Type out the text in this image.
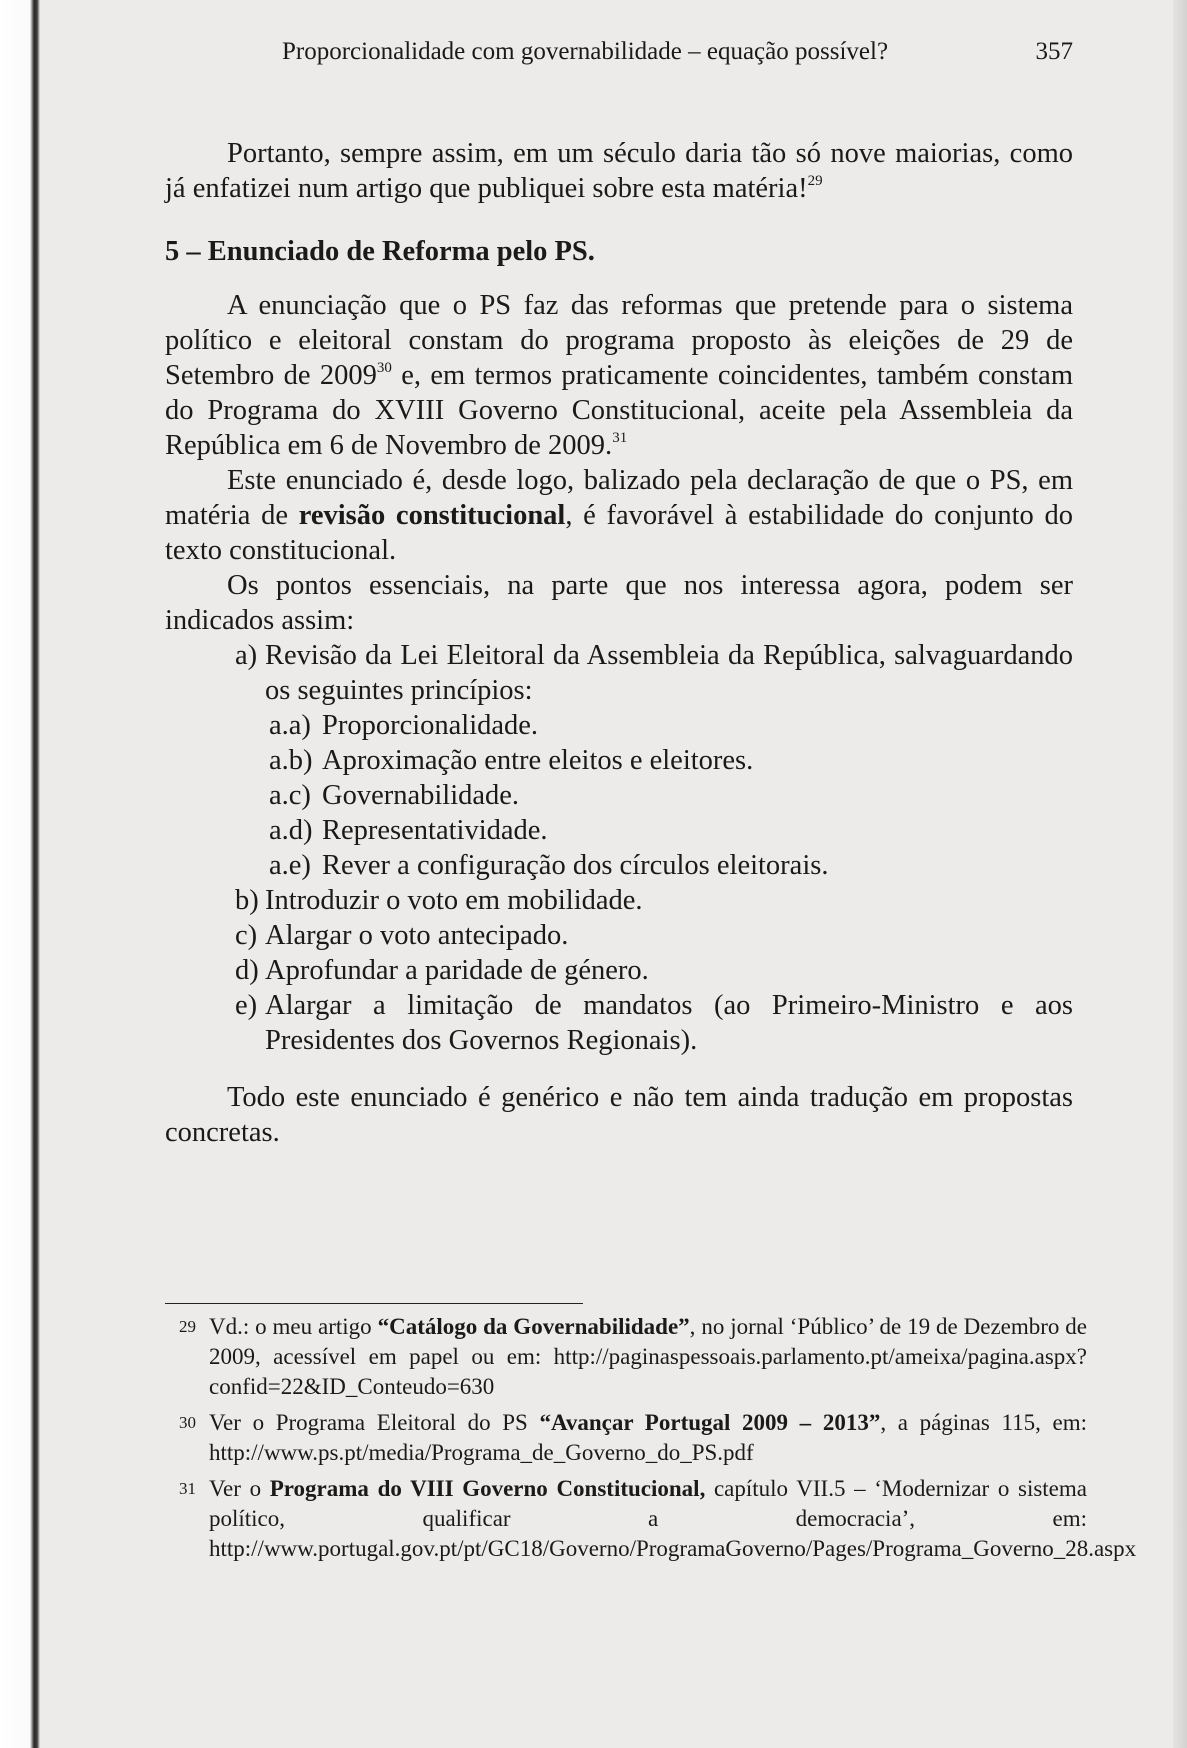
Proporcionalidade com governabilidade – equação possível?	357

Portanto, sempre assim, em um século daria tão só nove maiorias, como já enfatizei num artigo que publiquei sobre esta matéria!$^{29}$

5 – Enunciado de Reforma pelo PS.

A enunciação que o PS faz das reformas que pretende para o sistema político e eleitoral constam do programa proposto às eleições de 29 de Setembro de 2009$^{30}$ e, em termos praticamente coincidentes, também constam do Programa do XVIII Governo Constitucional, aceite pela Assembleia da República em 6 de Novembro de 2009.31

Este enunciado é, desde logo, balizado pela declaração de que o PS, em matéria de revisão constitucional, é favorável à estabilidade do conjunto do texto constitucional.

Os pontos essenciais, na parte que nos interessa agora, podem ser indicados assim:

a) Revisão da Lei Eleitoral da Assembleia da República, salvaguardando os seguintes princípios:

a.a) Proporcionalidade.

a.b) Aproximação entre eleitos e eleitores.

a.c) Governabilidade.

a.d) Representatividade.

a.e) Rever a configuração dos círculos eleitorais.

b) Introduzir o voto em mobilidade.

c) Alargar o voto antecipado.

d) Aprofundar a paridade de género.

e) Alargar a limitação de mandatos (ao Primeiro-Ministro e aos Presidentes dos Governos Regionais).

Todo este enunciado é genérico e não tem ainda tradução em propostas concretas.

29 Vd.: o meu artigo “Catálogo da Governabilidade”, no jornal ‘Público’ de 19 de Dezembro de 2009, acessível em papel ou em: http://paginaspessoais.parlamento.pt/ameixa/pagina.aspx?confid=22&ID_Conteudo=630

30 Ver o Programa Eleitoral do PS “Avançar Portugal 2009 – 2013”, a páginas 115, em: http://www.ps.pt/media/Programa_de_Governo_do_PS.pdf

31 Ver o Programa do VIII Governo Constitucional, capítulo VII.5 – ‘Modernizar o sistema político, qualificar a democracia’, em: http://www.portugal.gov.pt/pt/GC18/Governo/ProgramaGoverno/Pages/Programa_Governo_28.aspx
